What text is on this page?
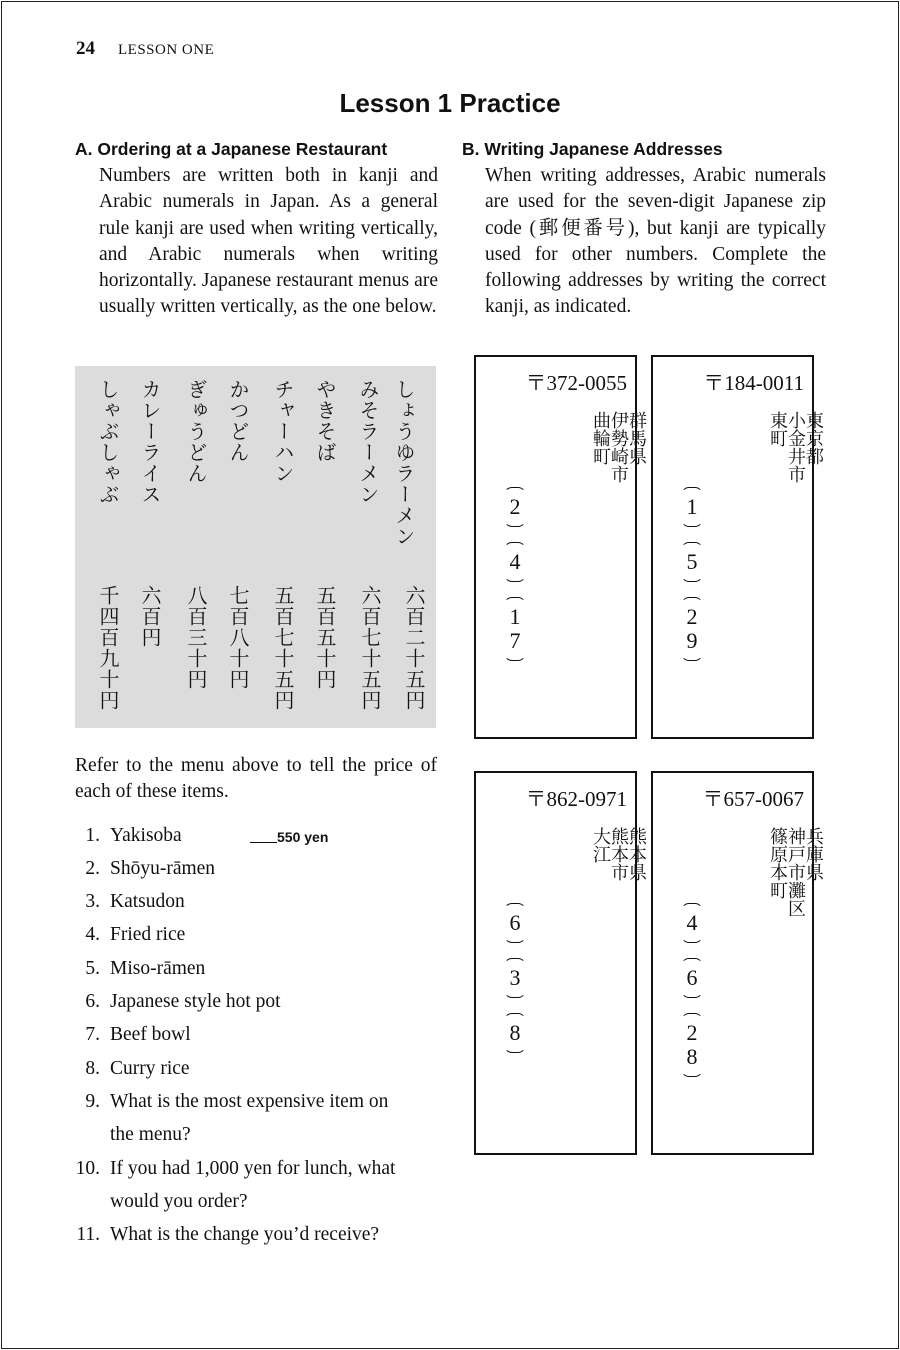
24 LESSON ONE
Lesson 1 Practice
A. Ordering at a Japanese Restaurant
Numbers are written both in kanji and Arabic numerals in Japan. As a general rule kanji are used when writing vertically, and Arabic numerals when writing horizontally. Japanese restaurant menus are usually written vertically, as the one below.
B. Writing Japanese Addresses
When writing addresses, Arabic numerals are used for the seven-digit Japanese zip code (郵便番号), but kanji are typically used for other numbers. Complete the following addresses by writing the correct kanji, as indicated.
しょうゆラーメン
みそラーメン
やきそば
チャーハン
かつどん
ぎゅうどん
カレーライス
しゃぶしゃぶ
六百二十五円
六百七十五円
五百五十円
五百七十五円
七百八十円
八百三十円
六百円
千四百九十円
Refer to the menu above to tell the price of each of these items.
1. Yakisoba	550 yen
2. Shōyu-rāmen
3. Katsudon
4. Fried rice
5. Miso-rāmen
6. Japanese style hot pot
7. Beef bowl
8. Curry rice
9. What is the most expensive item on
the menu?
10. If you had 1,000 yen for lunch, what
would you order?
11. What is the change you’d receive?
〒372-0055
群馬県
伊勢崎市
曲輪町
2
4
1
7
〒184-0011
東京都
小金井市
東町
1
5
2
9
〒862-0971
熊本県
熊本市
大江
6
3
8
〒657-0067
兵庫県
神戸市灘区
篠原本町
4
6
2
8
